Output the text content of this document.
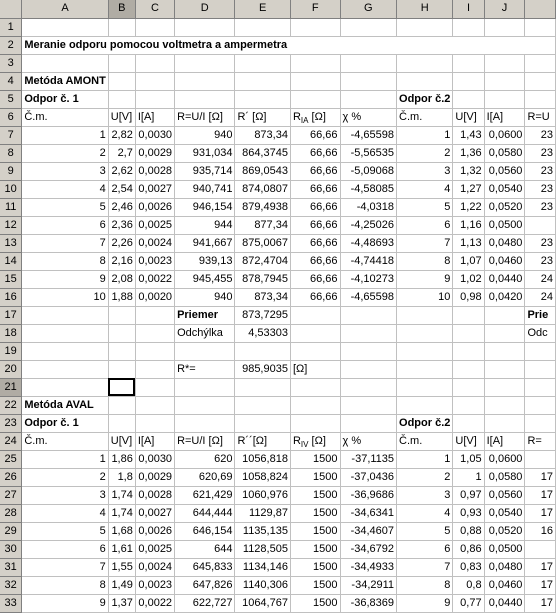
	A	B	C	D	E	F	G	H	I	J	
1											
2	Meranie odporu pomocou voltmetra a ampermetra										
3											
4	Metóda AMONT										
5	Odpor č. 1							Odpor č.2			
6	Č.m.	U[V]	I[A]	R=U/I [Ω]	R´ [Ω]	$R_{IA}$ [Ω]	χ %	Č.m.	U[V]	I[A]	R=U
7	1	2,82	0,0030	940	873,34	66,66	-4,65598	1	1,43	0,0600	23
8	2	2,7	0,0029	931,034	864,3745	66,66	-5,56535	2	1,36	0,0580	23
9	3	2,62	0,0028	935,714	869,0543	66,66	-5,09068	3	1,32	0,0560	23
10	4	2,54	0,0027	940,741	874,0807	66,66	-4,58085	4	1,27	0,0540	23
11	5	2,46	0,0026	946,154	879,4938	66,66	-4,0318	5	1,22	0,0520	23
12	6	2,36	0,0025	944	877,34	66,66	-4,25026	6	1,16	0,0500	
13	7	2,26	0,0024	941,667	875,0067	66,66	-4,48693	7	1,13	0,0480	23
14	8	2,16	0,0023	939,13	872,4704	66,66	-4,74418	8	1,07	0,0460	23
15	9	2,08	0,0022	945,455	878,7945	66,66	-4,10273	9	1,02	0,0440	24
16	10	1,88	0,0020	940	873,34	66,66	-4,65598	10	0,98	0,0420	24
17				Priemer	873,7295						Prie
18				Odchýlka	4,53303						Odc
19											
20				R*=	985,9035	[Ω]					
21											
22	Metóda AVAL										
23	Odpor č. 1							Odpor č.2			
24	Č.m.	U[V]	I[A]	R=U/I [Ω]	R´´[Ω]	$R_{IV}$ [Ω]	χ %	Č.m.	U[V]	I[A]	R=
25	1	1,86	0,0030	620	1056,818	1500	-37,1135	1	1,05	0,0600	
26	2	1,8	0,0029	620,69	1058,824	1500	-37,0436	2	1	0,0580	17
27	3	1,74	0,0028	621,429	1060,976	1500	-36,9686	3	0,97	0,0560	17
28	4	1,74	0,0027	644,444	1129,87	1500	-34,6341	4	0,93	0,0540	17
29	5	1,68	0,0026	646,154	1135,135	1500	-34,4607	5	0,88	0,0520	16
30	6	1,61	0,0025	644	1128,505	1500	-34,6792	6	0,86	0,0500	
31	7	1,55	0,0024	645,833	1134,146	1500	-34,4933	7	0,83	0,0480	17
32	8	1,49	0,0023	647,826	1140,306	1500	-34,2911	8	0,8	0,0460	17
33	9	1,37	0,0022	622,727	1064,767	1500	-36,8369	9	0,77	0,0440	17
